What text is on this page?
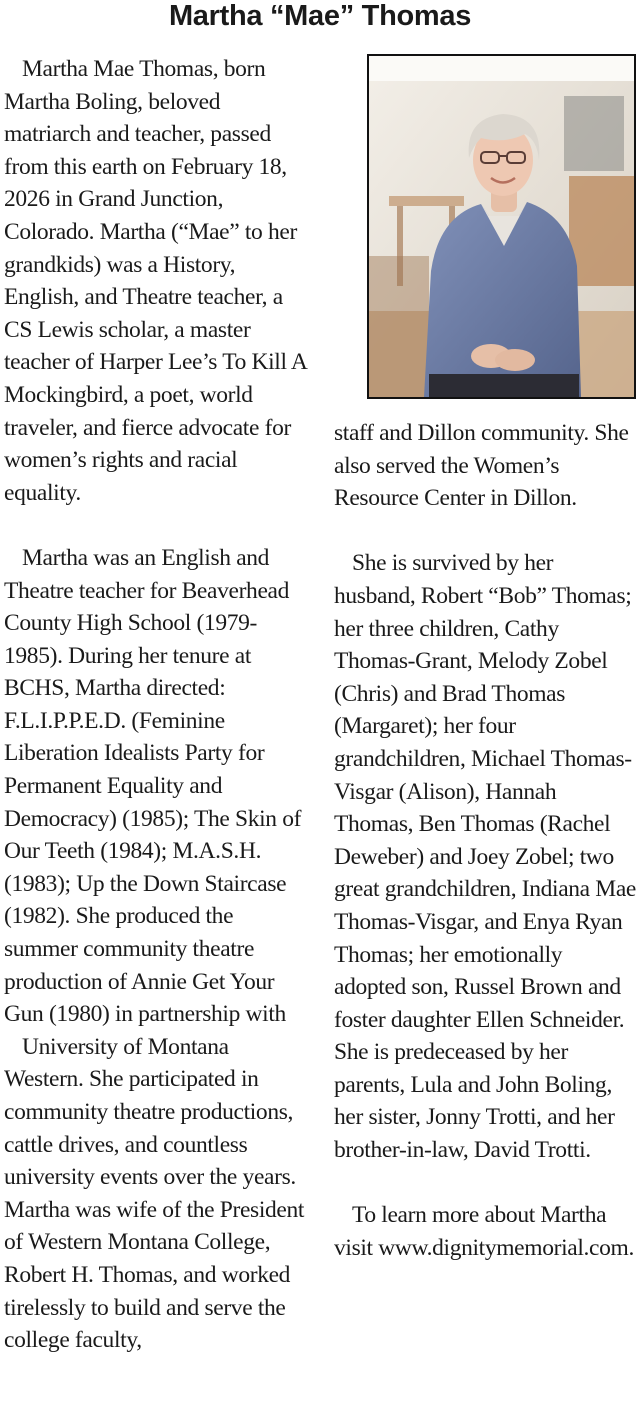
Martha “Mae” Thomas

Martha Mae Thomas, born Martha Boling, beloved matriarch and teacher, passed from this earth on February 18, 2026 in Grand Junction, Colorado. Martha (“Mae” to her grandkids) was a History, English, and Theatre teacher, a CS Lewis scholar, a master teacher of Harper Lee’s To Kill A Mockingbird, a poet, world traveler, and fierce advocate for women’s rights and racial equality.

Martha was an English and Theatre teacher for Beaverhead County High School (1979-1985). During her tenure at BCHS, Martha directed: F.L.I.P.P.E.D. (Feminine Liberation Idealists Party for Permanent Equality and Democracy) (1985); The Skin of Our Teeth (1984); M.A.S.H. (1983); Up the Down Staircase (1982). She produced the summer community theatre production of Annie Get Your Gun (1980) in partnership with

University of Montana Western. She participated in community theatre productions, cattle drives, and countless university events over the years. Martha was wife of the President of Western Montana College, Robert H. Thomas, and worked tirelessly to build and serve the college faculty,

staff and Dillon community. She also served the Women’s Resource Center in Dillon.

She is survived by her husband, Robert “Bob” Thomas; her three children, Cathy Thomas-Grant, Melody Zobel (Chris) and Brad Thomas (Margaret); her four grandchildren, Michael Thomas-Visgar (Alison), Hannah Thomas, Ben Thomas (Rachel Deweber) and Joey Zobel; two great grandchildren, Indiana Mae Thomas-Visgar, and Enya Ryan Thomas; her emotionally adopted son, Russel Brown and foster daughter Ellen Schneider. She is predeceased by her parents, Lula and John Boling, her sister, Jonny Trotti, and her brother-in-law, David Trotti.

To learn more about Martha visit www.dignitymemorial.com.
